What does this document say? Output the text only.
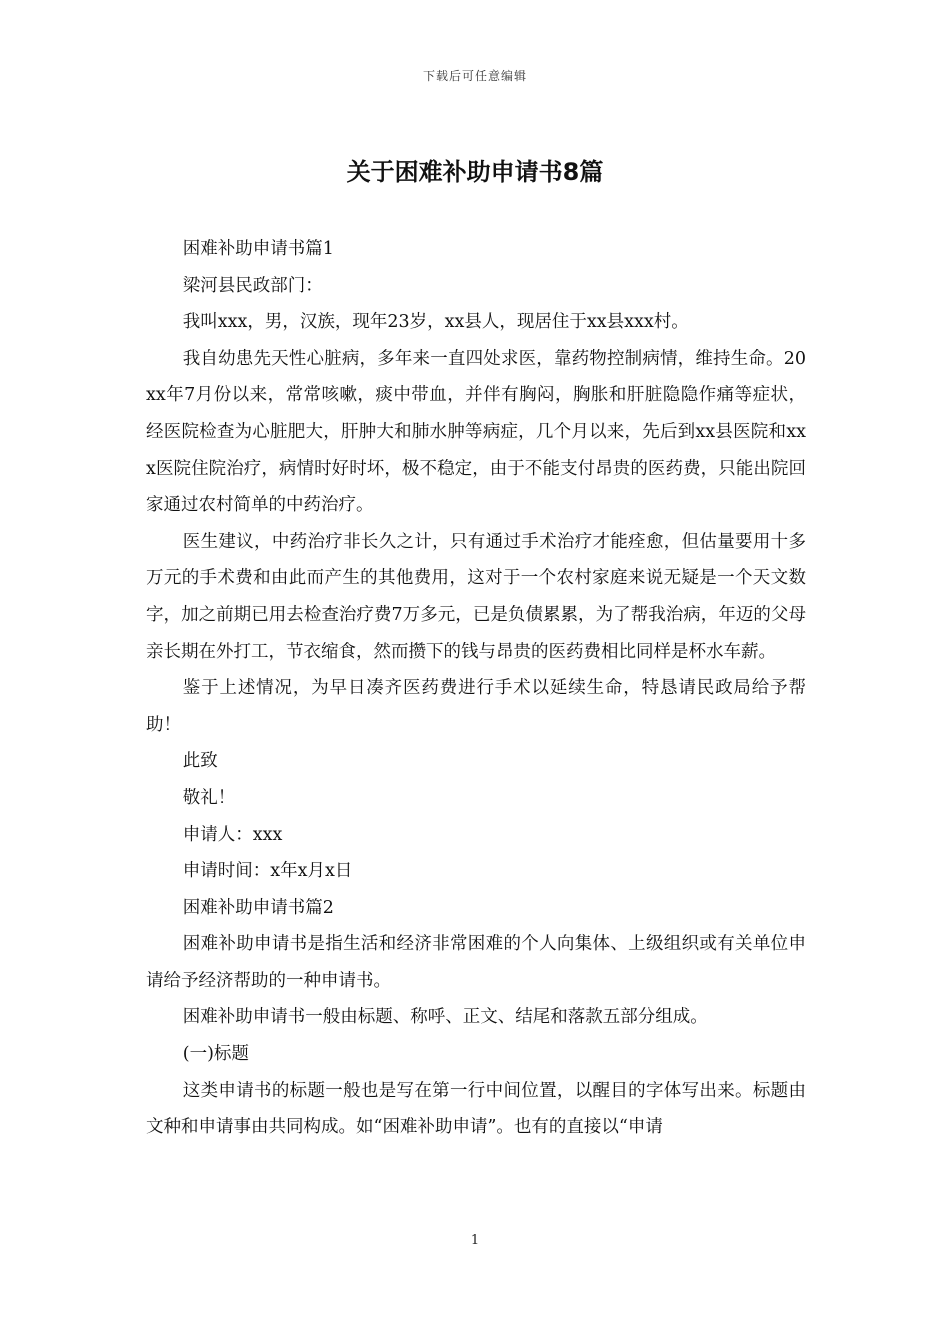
下载后可任意编辑
关于困难补助申请书8篇

困难补助申请书篇1

梁河县民政部门：

我叫xxx，男，汉族，现年23岁，xx县人，现居住于xx县xxx村。

我自幼患先天性心脏病，多年来一直四处求医，靠药物控制病情，维持生命。20xx年7月份以来，常常咳嗽，痰中带血，并伴有胸闷，胸胀和肝脏隐隐作痛等症状，经医院检查为心脏肥大，肝肿大和肺水肿等病症，几个月以来，先后到xx县医院和xxx医院住院治疗，病情时好时坏，极不稳定，由于不能支付昂贵的医药费，只能出院回家通过农村简单的中药治疗。

医生建议，中药治疗非长久之计，只有通过手术治疗才能痊愈，但估量要用十多万元的手术费和由此而产生的其他费用，这对于一个农村家庭来说无疑是一个天文数字，加之前期已用去检查治疗费7万多元，已是负债累累，为了帮我治病，年迈的父母亲长期在外打工，节衣缩食，然而攒下的钱与昂贵的医药费相比同样是杯水车薪。

鉴于上述情况，为早日凑齐医药费进行手术以延续生命，特恳请民政局给予帮助！

此致

敬礼！

申请人：xxx

申请时间：x年x月x日

困难补助申请书篇2

困难补助申请书是指生活和经济非常困难的个人向集体、上级组织或有关单位申请给予经济帮助的一种申请书。

困难补助申请书一般由标题、称呼、正文、结尾和落款五部分组成。

(一)标题

这类申请书的标题一般也是写在第一行中间位置，以醒目的字体写出来。标题由文种和申请事由共同构成。如“困难补助申请”。也有的直接以“申请

1
